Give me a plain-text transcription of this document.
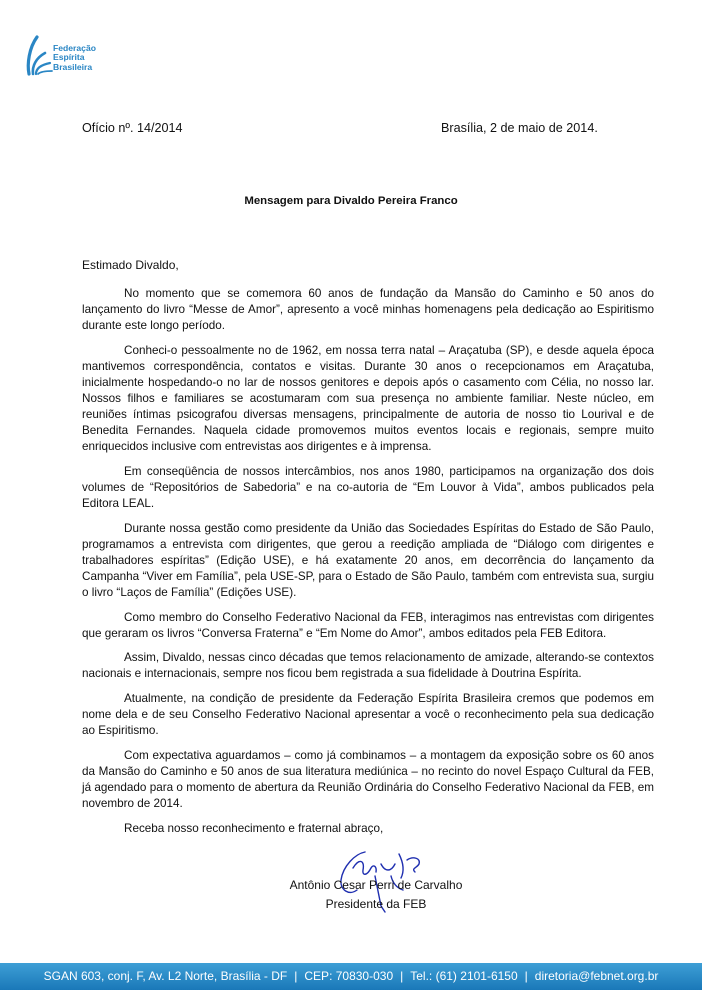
Federação
Espírita
Brasileira
Ofício nº. 14/2014	Brasília, 2 de maio de 2014.
Mensagem para Divaldo Pereira Franco
Estimado Divaldo,

No momento que se comemora 60 anos de fundação da Mansão do Caminho e 50 anos do lançamento do livro “Messe de Amor”, apresento a você minhas homenagens pela dedicação ao Espiritismo durante este longo período.

Conheci-o pessoalmente no de 1962, em nossa terra natal – Araçatuba (SP), e desde aquela época mantivemos correspondência, contatos e visitas. Durante 30 anos o recepcionamos em Araçatuba, inicialmente hospedando-o no lar de nossos genitores e depois após o casamento com Célia, no nosso lar. Nossos filhos e familiares se acostumaram com sua presença no ambiente familiar. Neste núcleo, em reuniões íntimas psicografou diversas mensagens, principalmente de autoria de nosso tio Lourival e de Benedita Fernandes. Naquela cidade promovemos muitos eventos locais e regionais, sempre muito enriquecidos inclusive com entrevistas aos dirigentes e à imprensa.

Em conseqüência de nossos intercâmbios, nos anos 1980, participamos na organização dos dois volumes de “Repositórios de Sabedoria” e na co-autoria de “Em Louvor à Vida”, ambos publicados pela Editora LEAL.

Durante nossa gestão como presidente da União das Sociedades Espíritas do Estado de São Paulo, programamos a entrevista com dirigentes, que gerou a reedição ampliada de “Diálogo com dirigentes e trabalhadores espíritas” (Edição USE), e há exatamente 20 anos, em decorrência do lançamento da Campanha “Viver em Família”, pela USE-SP, para o Estado de São Paulo, também com entrevista sua, surgiu o livro “Laços de Família” (Edições USE).

Como membro do Conselho Federativo Nacional da FEB, interagimos nas entrevistas com dirigentes que geraram os livros “Conversa Fraterna” e “Em Nome do Amor”, ambos editados pela FEB Editora.

Assim, Divaldo, nessas cinco décadas que temos relacionamento de amizade, alterando-se contextos nacionais e internacionais, sempre nos ficou bem registrada a sua fidelidade à Doutrina Espírita.

Atualmente, na condição de presidente da Federação Espírita Brasileira cremos que podemos em nome dela e de seu Conselho Federativo Nacional apresentar a você o reconhecimento pela sua dedicação ao Espiritismo.

Com expectativa aguardamos – como já combinamos – a montagem da exposição sobre os 60 anos da Mansão do Caminho e 50 anos de sua literatura mediúnica – no recinto do novel Espaço Cultural da FEB, já agendado para o momento de abertura da Reunião Ordinária do Conselho Federativo Nacional da FEB, em novembro de 2014.

Receba nosso reconhecimento e fraternal abraço,

Antônio Cesar Perri de Carvalho
Presidente da FEB
SGAN 603, conj. F, Av. L2 Norte, Brasília - DF | CEP: 70830-030 | Tel.: (61) 2101-6150 | diretoria@febnet.org.br
